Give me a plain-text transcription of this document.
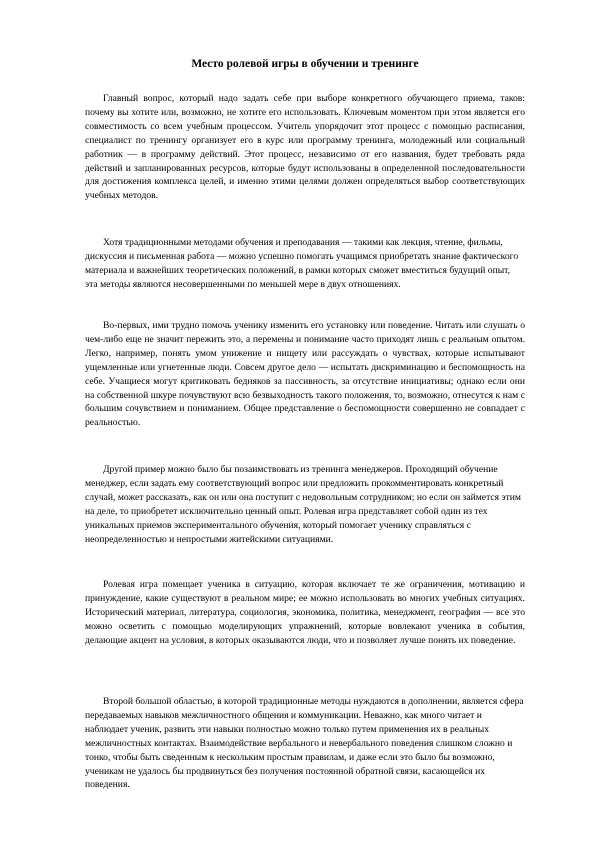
Место ролевой игры в обучении и тренинге

Главный вопрос, который надо задать себе при выборе конкретного обучающего приема, таков: почему вы хотите или, возможно, не хотите его использовать. Ключевым моментом при этом является его совместимость со всем учебным процессом. Учитель упорядочит этот процесс с помощью расписания, специалист по тренингу организует его в курс или программу тренинга, молодежный или социальный работник — в программу действий. Этот процесс, независимо от его названия, будет требовать ряда действий и запланированных ресурсов, которые будут использованы в определенной последовательности для достижения комплекса целей, и именно этими целями должен определяться выбор соответствующих учебных методов.

Хотя традиционными методами обучения и преподавания — такими как лекция, чтение, фильмы, дискуссия и письменная работа — можно успешно помогать учащимся приобретать знание фактического материала и важнейших теоретических положений, в рамки которых сможет вместиться будущий опыт, эта методы являются несовершенными по меньшей мере в двух отношениях.

Во-первых, ими трудно помочь ученику изменить его установку или поведение. Читать или слушать о чем-либо еще не значит пережить это, а перемены и понимание часто приходят лишь с реальным опытом. Легко, например, понять умом унижение и нищету или рассуждать о чувствах, которые испытывают ущемленные или угнетенные люди. Совсем другое дело — испытать дискриминацию и беспомощность на себе. Учащиеся могут критиковать бедняков за пассивность, за отсутствие инициативы; однако если они на собственной шкуре почувствуют всю безвыходность такого положения, то, возможно, отнесутся к нам с большим сочувствием и пониманием. Общее представление о беспомощности совершенно не совпадает с реальностью.

Другой пример можно было бы позаимствовать из тренинга менеджеров. Проходящий обучение менеджер, если задать ему соответствующий вопрос или предложить прокомментировать конкретный случай, может рассказать, как он или она поступит с недовольным сотрудником; но если он займется этим на деле, то приобретет исключительно ценный опыт. Ролевая игра представляет собой один из тех уникальных приемов экспериментального обучения, который помогает ученику справляться с неопределенностью и непростыми житейскими ситуациями.

Ролевая игра помещает ученика в ситуацию, которая включает те же ограничения, мотивацию и принуждение, какие существуют в реальном мире; ее можно использовать во многих учебных ситуациях. Исторический материал, литература, социология, экономика, политика, менеджмент, география — все это можно осветить с помощью моделирующих упражнений, которые вовлекают ученика в события, делающие акцент на условия, в которых оказываются люди, что и позволяет лучше понять их поведение.

Второй большой областью, в которой традиционные методы нуждаются в дополнении, является сфера передаваемых навыков межличностного общения и коммуникации. Неважно, как много читает и наблюдает ученик, развить эти навыки полностью можно только путем применения их в реальных межличностных контактах. Взаимодействие вербального и невербального поведения слишком сложно и тонко, чтобы быть сведенным к нескольким простым правилам, и даже если это было бы возможно, ученикам не удалось бы продвинуться без получения постоянной обратной связи, касающейся их поведения.
